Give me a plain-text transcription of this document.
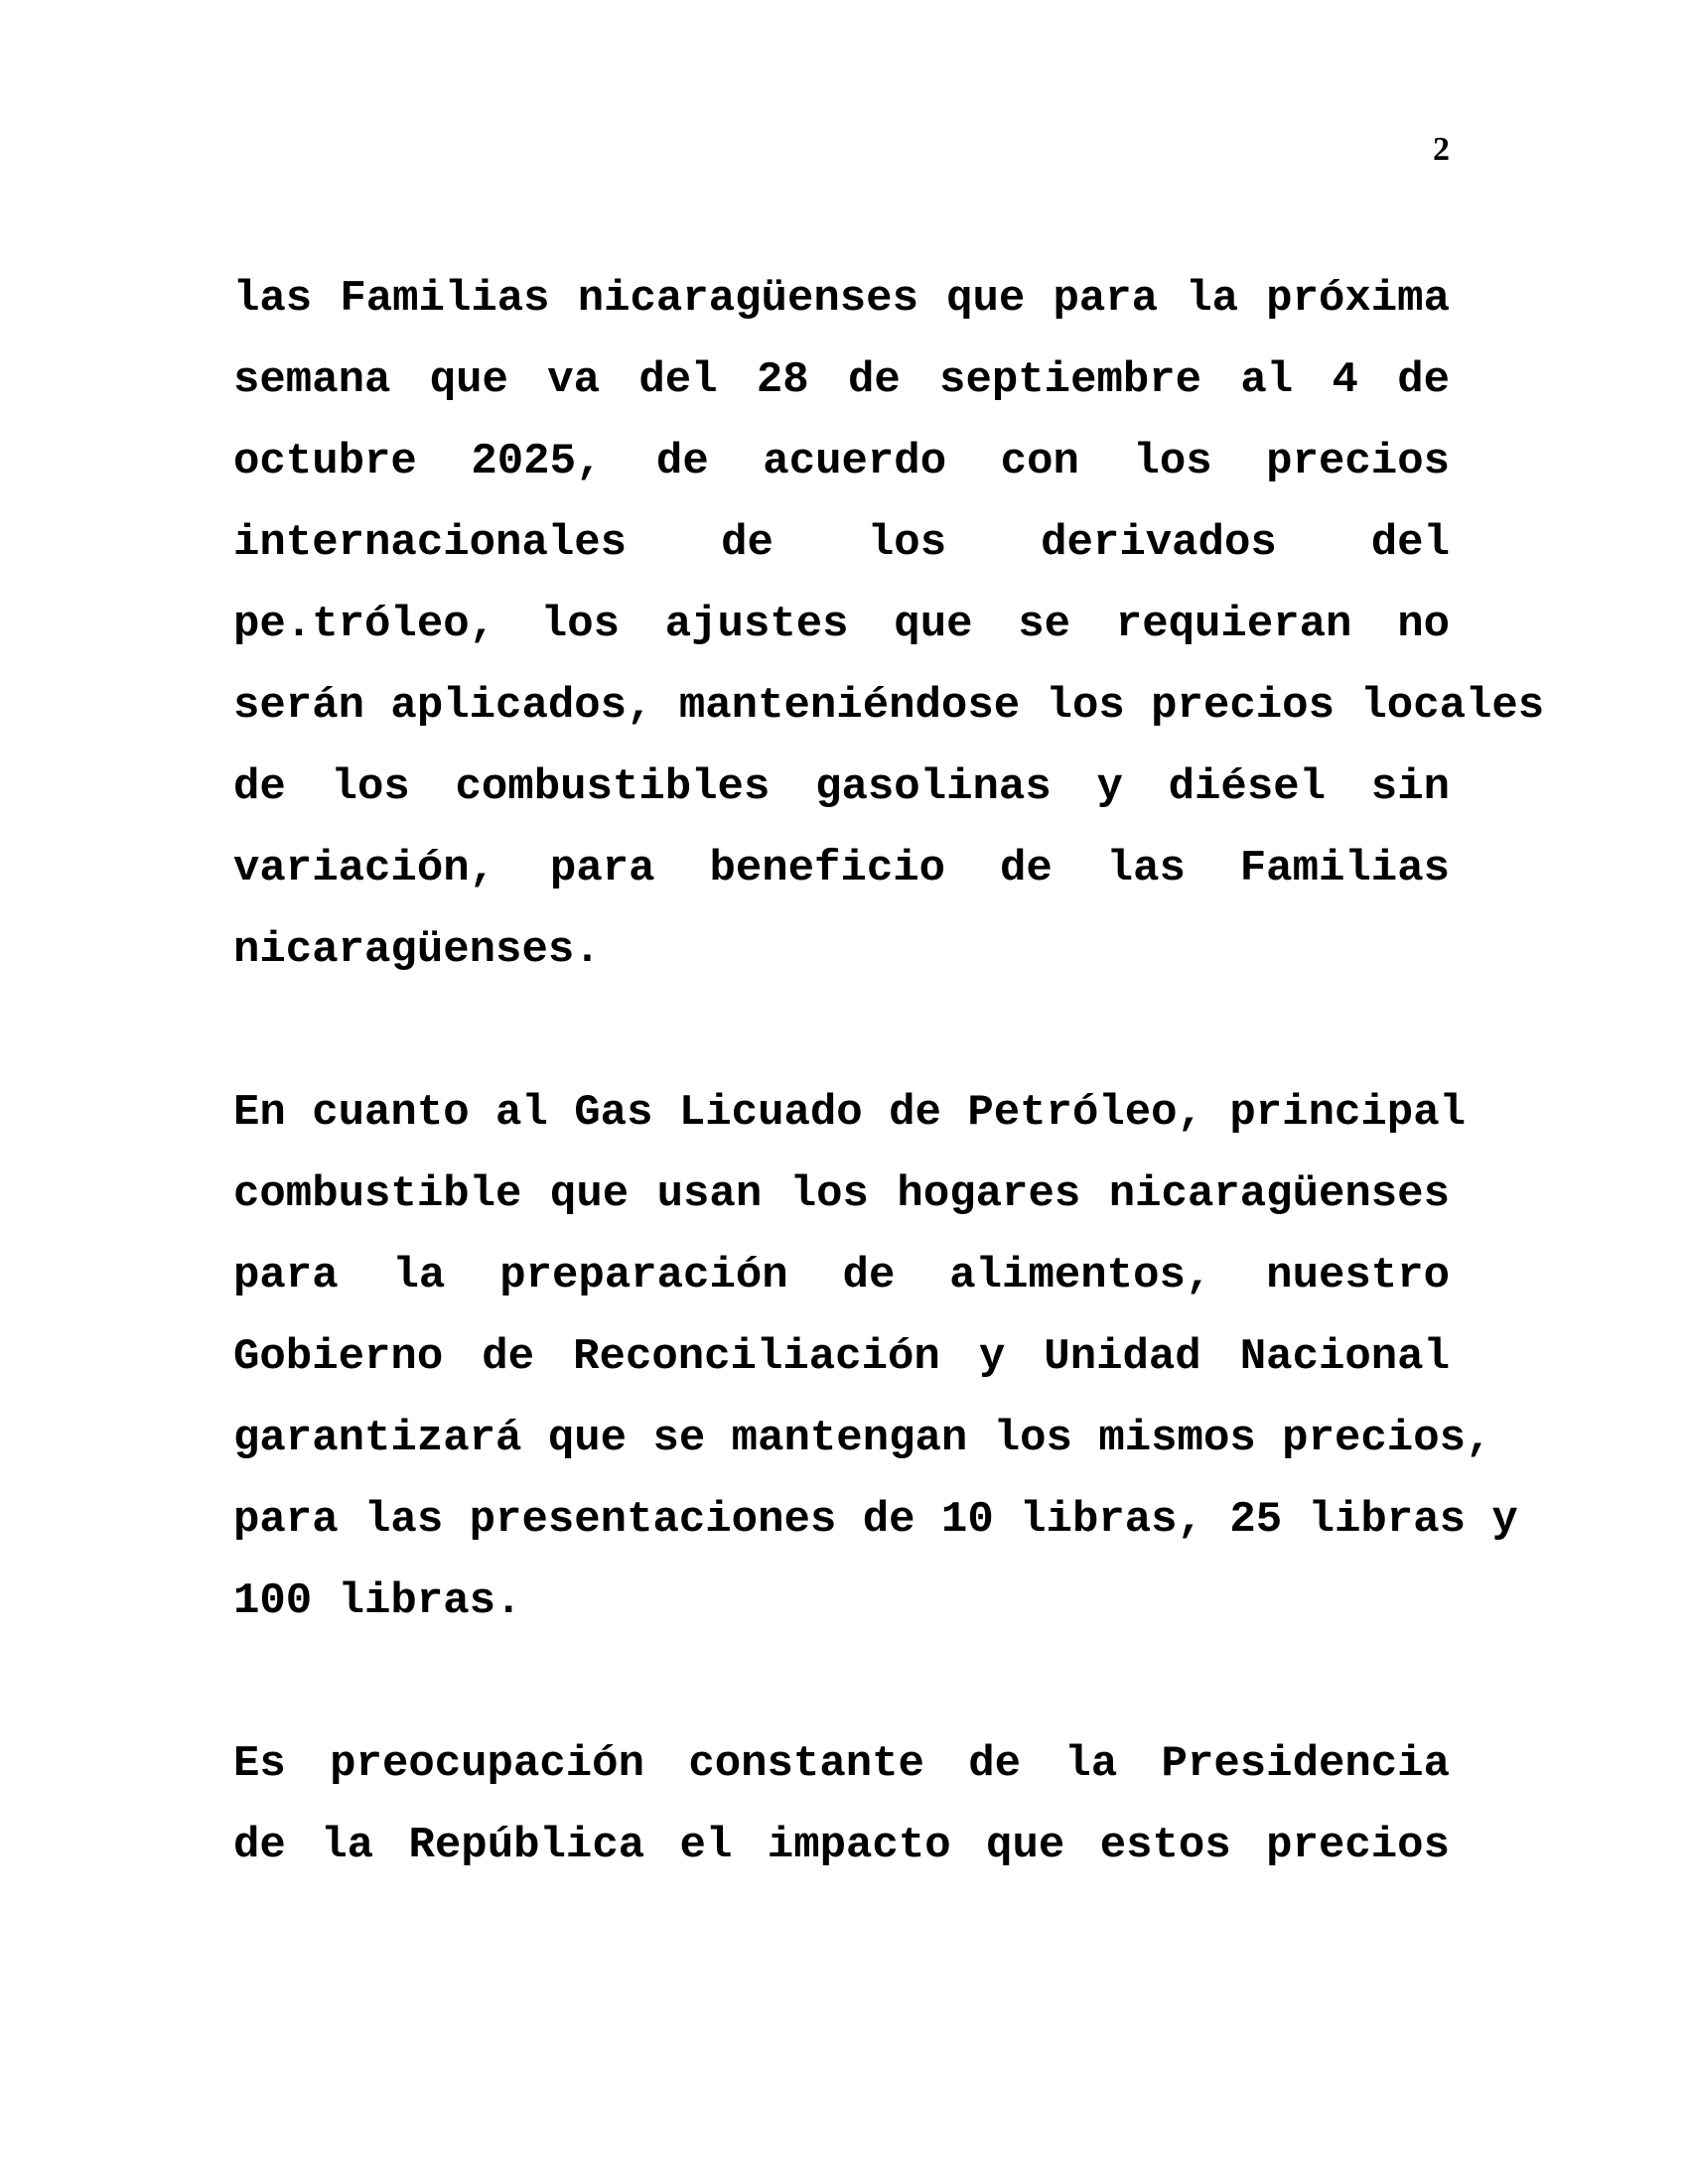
2

las Familias nicaragüenses que para la próxima
semana que va del 28 de septiembre al 4 de
octubre 2025, de acuerdo con los precios
internacionales de los derivados del
pe.tróleo, los ajustes que se requieran no
serán aplicados, manteniéndose los precios locales
de los combustibles gasolinas y diésel sin
variación, para beneficio de las Familias
nicaragüenses.

En cuanto al Gas Licuado de Petróleo, principal
combustible que usan los hogares nicaragüenses
para la preparación de alimentos, nuestro
Gobierno de Reconciliación y Unidad Nacional
garantizará que se mantengan los mismos precios,
para las presentaciones de 10 libras, 25 libras y
100 libras.

Es preocupación constante de la Presidencia
de la República el impacto que estos precios
